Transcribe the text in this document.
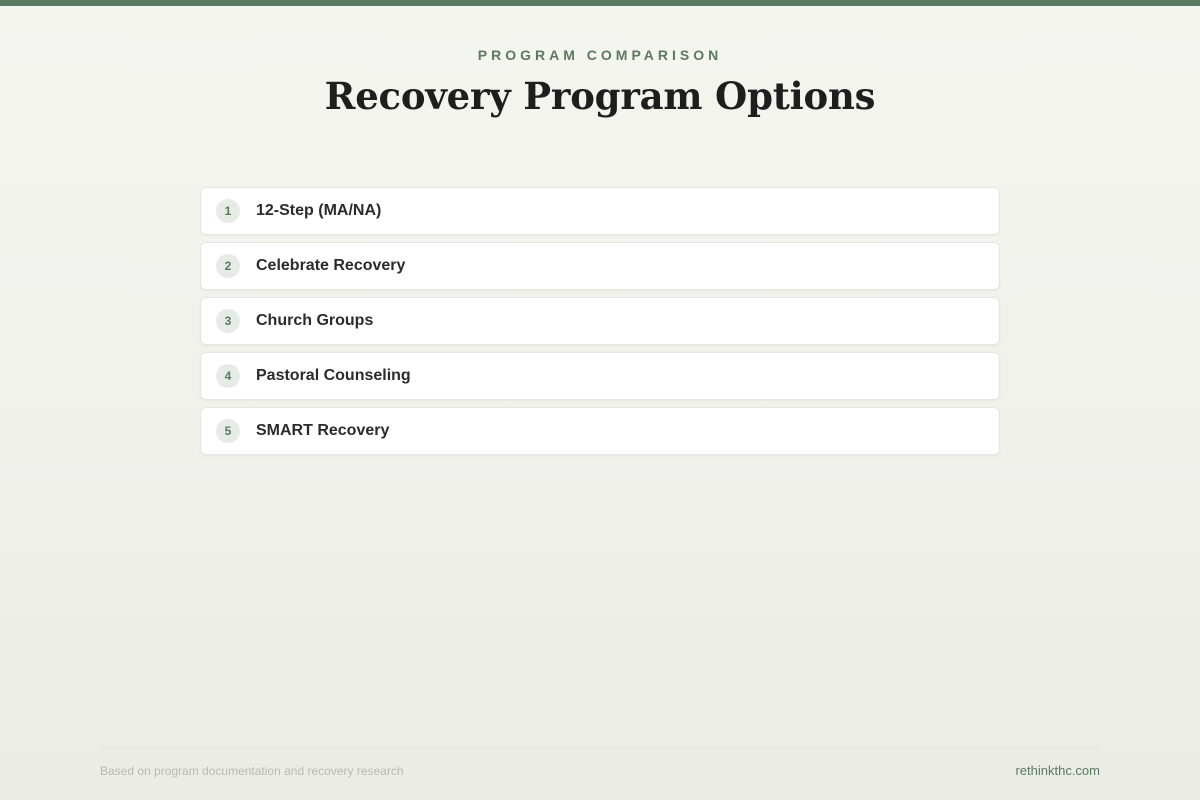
PROGRAM COMPARISON
Recovery Program Options
1	12-Step (MA/NA)
2	Celebrate Recovery
3	Church Groups
4	Pastoral Counseling
5	SMART Recovery
Based on program documentation and recovery research	rethinkthc.com
